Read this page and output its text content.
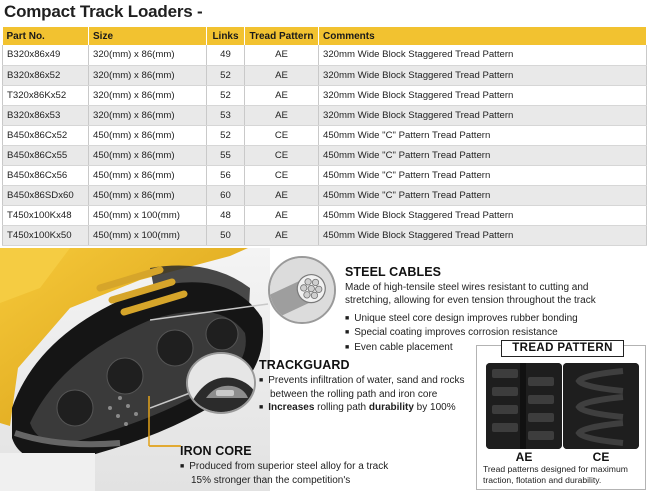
Compact Track Loaders -
Part No.	Size	Links	Tread Pattern	Comments
B320x86x49	320(mm) x 86(mm)	49	AE	320mm Wide Block Staggered Tread Pattern
B320x86x52	320(mm) x 86(mm)	52	AE	320mm Wide Block Staggered Tread Pattern
T320x86Kx52	320(mm) x 86(mm)	52	AE	320mm Wide Block Staggered Tread Pattern
B320x86x53	320(mm) x 86(mm)	53	AE	320mm Wide Block Staggered Tread Pattern
B450x86Cx52	450(mm) x 86(mm)	52	CE	450mm Wide "C" Pattern Tread Pattern
B450x86Cx55	450(mm) x 86(mm)	55	CE	450mm Wide "C" Pattern Tread Pattern
B450x86Cx56	450(mm) x 86(mm)	56	CE	450mm Wide "C" Pattern Tread Pattern
B450x86SDx60	450(mm) x 86(mm)	60	AE	450mm Wide "C" Pattern Tread Pattern
T450x100Kx48	450(mm) x 100(mm)	48	AE	450mm Wide Block Staggered Tread Pattern
T450x100Kx50	450(mm) x 100(mm)	50	AE	450mm Wide Block Staggered Tread Pattern
STEEL CABLES
Made of high-tensile steel wires resistant to cutting and stretching, allowing for even tension throughout the track
■ Unique steel core design improves rubber bonding
■ Special coating improves corrosion resistance
■ Even cable placement
TRACKGUARD
■ Prevents infiltration of water, sand and rocks between the rolling path and iron core
■ Increases rolling path durability by 100%
IRON CORE
■ Produced from superior steel alloy for a track 15% stronger than the competition's
TREAD PATTERN
AE	CE
Tread patterns designed for maximum traction, flotation and durability.
